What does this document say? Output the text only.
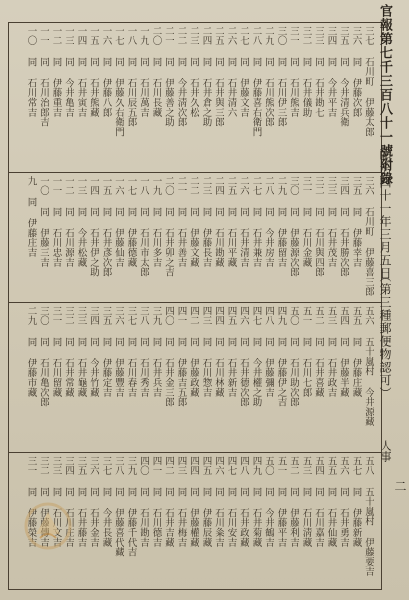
官報第七千三百八十一號附錄
明治四十一年三月五日
（第三種郵便物認可）
人事
二
三七 石川町 伊藤太郎
三六 同 伊藤次郎
三五 同 今井清兵衛
三四 同 今井平吉
三三 同 石井勘七
三二 同 石井儀助
三一 同 石川熊吉
三〇 同 石川伊三郎
二九 同 石川熊次郎
二八 同 伊藤喜右衛門
二七 同 伊藤文吉
二六 同 石井清六
二五 同 石井與三郎
二四 同 石井倉之助
二三 同 石井久松
二二 同 今井淸次郎
二一 同 伊藤善之助
二〇 同 石川長藏
一九 同 石川萬吉
一八 同 石川辰五郎
一七 同 伊藤久右衛門
一六 同 伊藤八郎
一五 同 石井熊藏
一四 同 石井寅吉
一三 同 今井亀吉
一二 同 伊藤重吉
一一 同 石川治郎吉
一〇 同 石川常吉
三六 石川町 伊藤喜三郎
三五 同 伊藤幸吉
三四 同 石井勝次郎
三三 同 石井茂吉
三二 同 石川與四郎
三一 同 石川金藏
三〇 同 伊藤源次郎
二九 同 伊藤留吉
二八 同 今井房吉
二七 同 石井兼吉
二六 同 石井清吉
二五 同 石川平藏
二四 同 石川勘藏
二三 同 伊藤長吉
二二 同 伊藤文藏
二一 同 石井善吉
二〇 同 石井卯之吉
一九 同 石川多吉
一八 同 石川市太郎
一七 同 伊藤德藏
一六 同 伊藤仙吉
一五 同 石井彥次郎
一四 同 石井伊之助
一三 同 今井松藏
一二 同 石川源吉
一一 同 石川忠吉
一〇 同 伊藤三吉
九 同 伊藤庄吉
五六 五十嵐村 今井源藏
五五 同 伊藤庄藏
五四 同 伊藤半藏
五三 同 石井政吉
五二 同 石井喜藏
五一 同 石川七郎
五〇 同 石川助次郎
四九 同 伊藤伊之吉
四八 同 伊藤彌吉
四七 同 今井權之助
四六 同 石井德次郎
四五 同 石井新吉
四四 同 石川林藏
四三 同 石川惣吉
四二 同 伊藤政藏
四一 同 伊藤吉五郎
四〇 同 石井金三郎
三九 同 石井兵吉
三八 同 石川秀吉
三七 同 石川春吉
三六 同 伊藤豐吉
三五 同 伊藤定吉
三四 同 今井竹藏
三三 同 石井龜藏
三二 同 石井常藏
三一 同 石川留藏
三〇 同 石川亀次郎
二九 同 伊藤市藏
五八 五十嵐村 伊藤要吉
五七 同 伊藤新藏
五六 同 石井勇吉
五五 同 石井仙藏
五四 同 石川嘉吉
五三 同 石川淸藏
五二 同 伊藤利吉
五一 同 伊藤平吉
五〇 同 今井鶴吉
四九 同 石井菊藏
四八 同 石井政藏
四七 同 石川安吉
四六 同 石川粂吉
四五 同 伊藤辰藏
四四 同 伊藤權藏
四三 同 石井梅吉
四二 同 石井吉藏
四一 同 石川德吉
四〇 同 石川勘吉
三九 同 伊藤千代吉
三八 同 伊藤喜代藏
三七 同 今井長藏
三六 同 石井金吉
三五 同 石井藤吉
三四 同 石川庄吉
三三 同 石川文吉
三二 同 伊藤傳吉
三一 同 伊藤榮吉
